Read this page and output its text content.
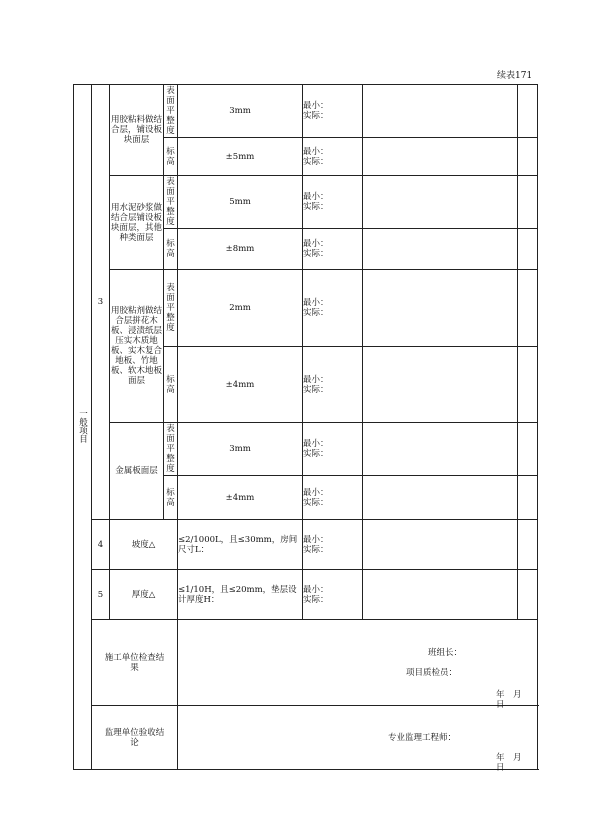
续表171
一般项目	3	用胶粘料做结合层，铺设板块面层	表面平整度	3mm	最小：
实际：		
			标高	±5mm	最小：
实际：		
		用水泥砂浆做结合层铺设板块面层，其他种类面层	表面平整度	5mm	最小：
实际：		
			标高	±8mm	最小：
实际：		
		用胶粘剂做结合层拼花木板、浸渍纸层压实木质地板、实木复合地板、竹地板、软木地板面层	表面平整度	2mm	最小：
实际：		
			标高	±4mm	最小：
实际：		
		金属板面层	表面平整度	3mm	最小：
实际：		
			标高	±4mm	最小：
实际：		
	4	坡度△		≤2/1000L，且≤30mm，房间尺寸L：	最小：
实际：		
	5	厚度△		≤1/10H，且≤20mm，垫层设计厚度H：	最小：
实际：		
	施工单位检查结果			班组长：
项目质检员：
年　月　日			

	监理单位验收结论			专业监理工程师：
年　月　日			
